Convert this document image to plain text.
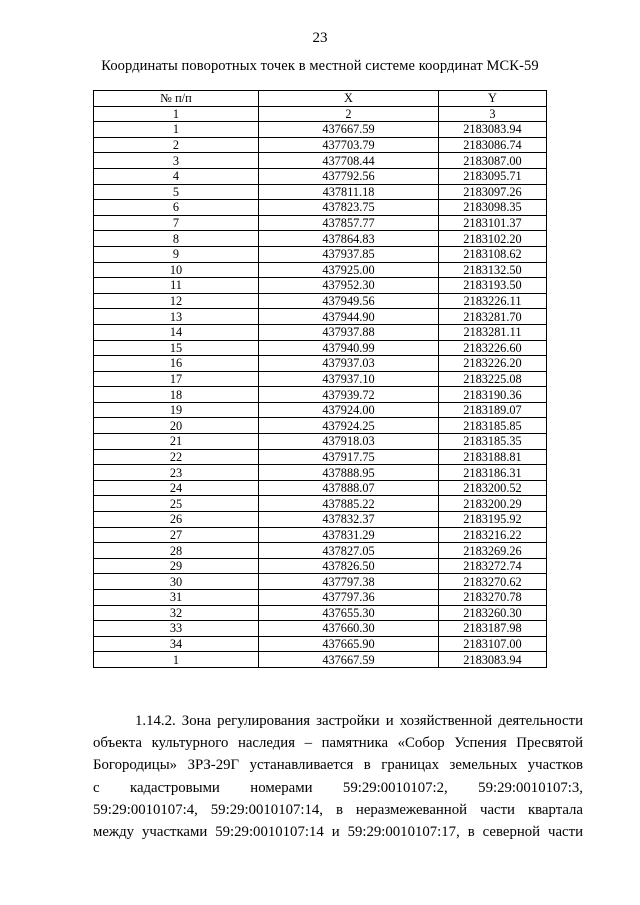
23
Координаты поворотных точек в местной системе координат МСК-59
№ п/п	X	Y
1	2	3
1	437667.59	2183083.94
2	437703.79	2183086.74
3	437708.44	2183087.00
4	437792.56	2183095.71
5	437811.18	2183097.26
6	437823.75	2183098.35
7	437857.77	2183101.37
8	437864.83	2183102.20
9	437937.85	2183108.62
10	437925.00	2183132.50
11	437952.30	2183193.50
12	437949.56	2183226.11
13	437944.90	2183281.70
14	437937.88	2183281.11
15	437940.99	2183226.60
16	437937.03	2183226.20
17	437937.10	2183225.08
18	437939.72	2183190.36
19	437924.00	2183189.07
20	437924.25	2183185.85
21	437918.03	2183185.35
22	437917.75	2183188.81
23	437888.95	2183186.31
24	437888.07	2183200.52
25	437885.22	2183200.29
26	437832.37	2183195.92
27	437831.29	2183216.22
28	437827.05	2183269.26
29	437826.50	2183272.74
30	437797.38	2183270.62
31	437797.36	2183270.78
32	437655.30	2183260.30
33	437660.30	2183187.98
34	437665.90	2183107.00
1	437667.59	2183083.94
1.14.2. Зона регулирования застройки и хозяйственной деятельности
объекта культурного наследия – памятника «Собор Успения Пресвятой
Богородицы» ЗРЗ-29Г устанавливается в границах земельных участков
с кадастровыми номерами 59:29:0010107:2, 59:29:0010107:3,
59:29:0010107:4, 59:29:0010107:14, в неразмежеванной части квартала
между участками 59:29:0010107:14 и 59:29:0010107:17, в северной части
